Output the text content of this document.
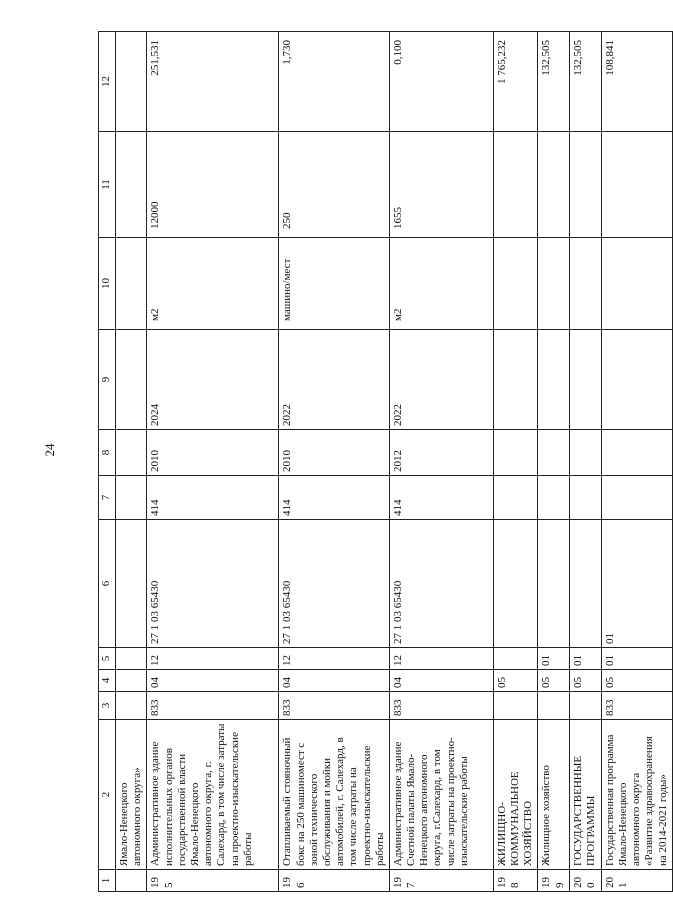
24
1	2	3	4	5	6	7	8	9	10	11	12
	Ямало-Ненецкого автономного округа»										
195	Административное здание исполнительных органов государственной власти Ямало-Ненецкого автономного округа, г. Салехард, в том числе затраты на проектно-изыскательские работы	833	04	12	27 1 03 65430	414	2010	2024	м2	12000	251,531
196	Отапливаемый стояночный бокс на 250 машиномест с зоной технического обслуживания и мойки автомобилей, г. Салехард, в том числе затраты на проектно-изыскательские работы	833	04	12	27 1 03 65430	414	2010	2022	машино/мест	250	1,730
197	Административное здание Счетной палаты Ямало-Ненецкого автономного округа, г.Салехард, в том числе затраты на проектно-изыскательские работы	833	04	12	27 1 03 65430	414	2012	2022	м2	1655	0,100
198	ЖИЛИЩНО-КОММУНАЛЬНОЕ ХОЗЯЙСТВО		05								1 765,232
199	Жилищное хозяйство		05	01							132,505
200	ГОСУДАРСТВЕННЫЕ ПРОГРАММЫ		05	01							132,505
201	Государственная программа Ямало-Ненецкого автономного округа «Развитие здравоохранения на 2014-2021 годы»	833	05	01	01						108,841
